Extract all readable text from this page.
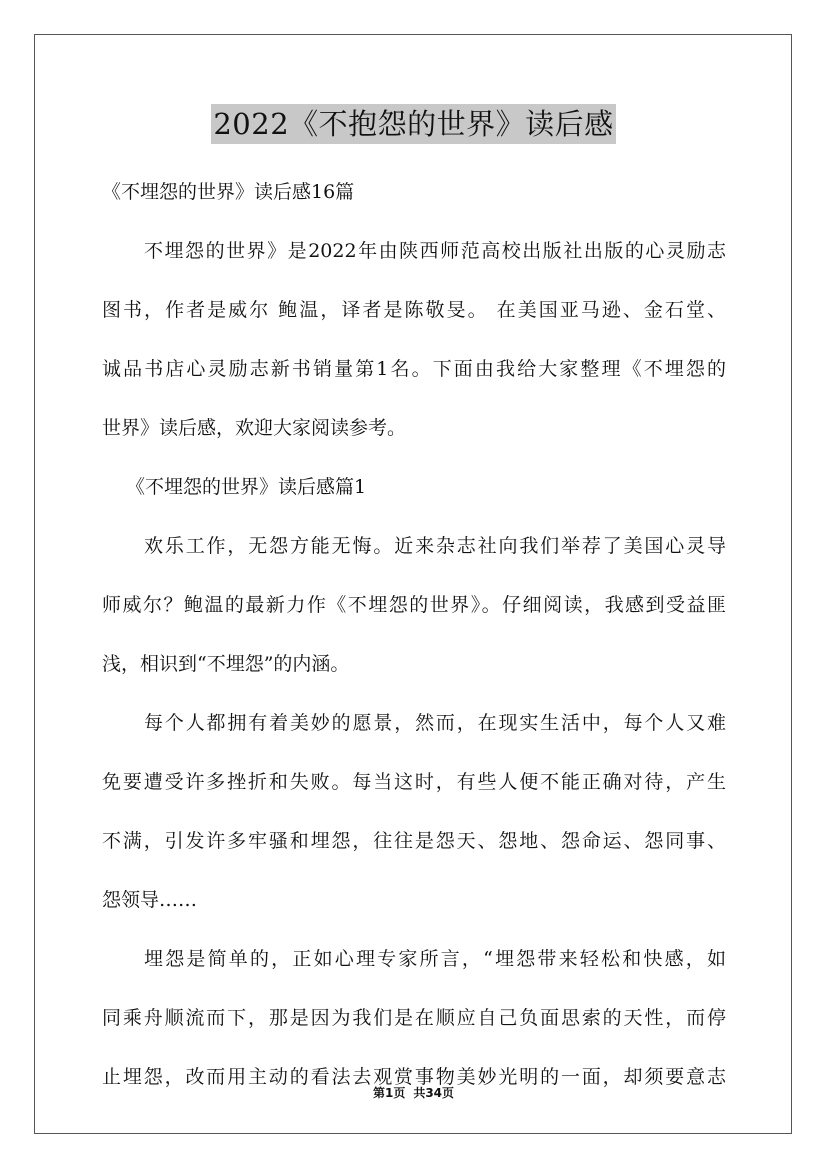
2022《不抱怨的世界》读后感
《不埋怨的世界》读后感16篇
不埋怨的世界》是2022年由陕西师范高校出版社出版的心灵励志
图书，作者是威尔 鲍温，译者是陈敬旻。 在美国亚马逊、金石堂、
诚品书店心灵励志新书销量第1名。下面由我给大家整理《不埋怨的
世界》读后感，欢迎大家阅读参考。
《不埋怨的世界》读后感篇1
欢乐工作，无怨方能无悔。近来杂志社向我们举荐了美国心灵导
师威尔？鲍温的最新力作《不埋怨的世界》。仔细阅读，我感到受益匪
浅，相识到“不埋怨”的内涵。
每个人都拥有着美妙的愿景，然而，在现实生活中，每个人又难
免要遭受许多挫折和失败。每当这时，有些人便不能正确对待，产生
不满，引发许多牢骚和埋怨，往往是怨天、怨地、怨命运、怨同事、
怨领导……
埋怨是简单的，正如心理专家所言，“埋怨带来轻松和快感，如
同乘舟顺流而下，那是因为我们是在顺应自己负面思索的天性，而停
止埋怨，改而用主动的看法去观赏事物美妙光明的一面，却须要意志
第1页 共34页
